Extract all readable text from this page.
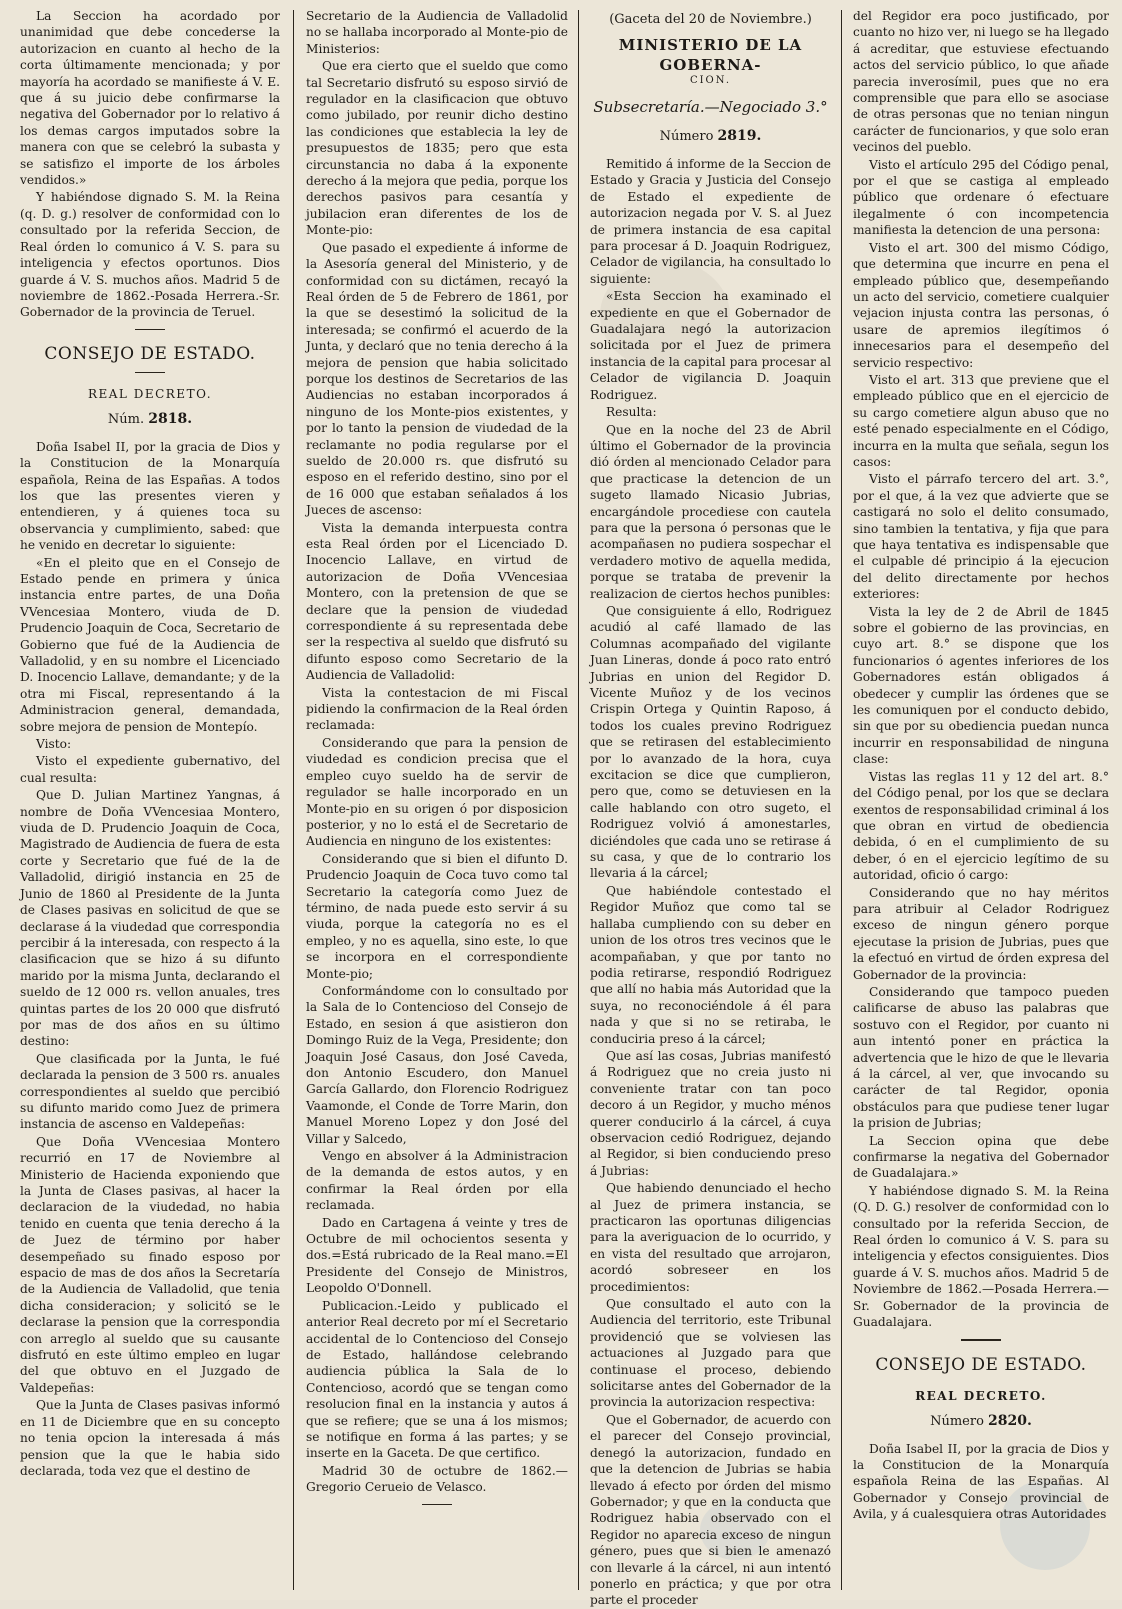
La Seccion ha acordado por unanimidad que debe concederse la autorizacion en cuanto al hecho de la corta últimamente mencionada; y por mayoría ha acordado se manifieste á V. E. que á su juicio debe confirmarse la negativa del Gobernador por lo relativo á los demas cargos imputados sobre la manera con que se celebró la subasta y se satisfizo el importe de los árboles vendidos.»

Y habiéndose dignado S. M. la Reina (q. D. g.) resolver de conformidad con lo consultado por la referida Seccion, de Real órden lo comunico á V. S. para su inteligencia y efectos oportunos. Dios guarde á V. S. muchos años. Madrid 5 de noviembre de 1862.-Posada Herrera.-Sr. Gobernador de la provincia de Teruel.

CONSEJO DE ESTADO.
REAL DECRETO.
Núm. 2818.

Doña Isabel II, por la gracia de Dios y la Constitucion de la Monarquía española, Reina de las Españas. A todos los que las presentes vieren y entendieren, y á quienes toca su observancia y cumplimiento, sabed: que he venido en decretar lo siguiente:

«En el pleito que en el Consejo de Estado pende en primera y única instancia entre partes, de una Doña VVencesiaa Montero, viuda de D. Prudencio Joaquin de Coca, Secretario de Gobierno que fué de la Audiencia de Valladolid, y en su nombre el Licenciado D. Inocencio Lallave, demandante; y de la otra mi Fiscal, representando á la Administracion general, demandada, sobre mejora de pension de Montepío.

Visto:

Visto el expediente gubernativo, del cual resulta:

Que D. Julian Martinez Yangnas, á nombre de Doña VVencesiaa Montero, viuda de D. Prudencio Joaquin de Coca, Magistrado de Audiencia de fuera de esta corte y Secretario que fué de la de Valladolid, dirigió instancia en 25 de Junio de 1860 al Presidente de la Junta de Clases pasivas en solicitud de que se declarase á la viudedad que correspondia percibir á la interesada, con respecto á la clasificacion que se hizo á su difunto marido por la misma Junta, declarando el sueldo de 12 000 rs. vellon anuales, tres quintas partes de los 20 000 que disfrutó por mas de dos años en su último destino:

Que clasificada por la Junta, le fué declarada la pension de 3 500 rs. anuales correspondientes al sueldo que percibió su difunto marido como Juez de primera instancia de ascenso en Valdepeñas:

Que Doña VVencesiaa Montero recurrió en 17 de Noviembre al Ministerio de Hacienda exponiendo que la Junta de Clases pasivas, al hacer la declaracion de la viudedad, no habia tenido en cuenta que tenia derecho á la de Juez de término por haber desempeñado su finado esposo por espacio de mas de dos años la Secretaría de la Audiencia de Valladolid, que tenia dicha consideracion; y solicitó se le declarase la pension que la correspondia con arreglo al sueldo que su causante disfrutó en este último empleo en lugar del que obtuvo en el Juzgado de Valdepeñas:

Que la Junta de Clases pasivas informó en 11 de Diciembre que en su concepto no tenia opcion la interesada á más pension que la que le habia sido declarada, toda vez que el destino de

Secretario de la Audiencia de Valladolid no se hallaba incorporado al Monte-pio de Ministerios:

Que era cierto que el sueldo que como tal Secretario disfrutó su esposo sirvió de regulador en la clasificacion que obtuvo como jubilado, por reunir dicho destino las condiciones que establecia la ley de presupuestos de 1835; pero que esta circunstancia no daba á la exponente derecho á la mejora que pedia, porque los derechos pasivos para cesantía y jubilacion eran diferentes de los de Monte-pio:

Que pasado el expediente á informe de la Asesoría general del Ministerio, y de conformidad con su dictámen, recayó la Real órden de 5 de Febrero de 1861, por la que se desestimó la solicitud de la interesada; se confirmó el acuerdo de la Junta, y declaró que no tenia derecho á la mejora de pension que habia solicitado porque los destinos de Secretarios de las Audiencias no estaban incorporados á ninguno de los Monte-pios existentes, y por lo tanto la pension de viudedad de la reclamante no podia regularse por el sueldo de 20.000 rs. que disfrutó su esposo en el referido destino, sino por el de 16 000 que estaban señalados á los Jueces de ascenso:

Vista la demanda interpuesta contra esta Real órden por el Licenciado D. Inocencio Lallave, en virtud de autorizacion de Doña VVencesiaa Montero, con la pretension de que se declare que la pension de viudedad correspondiente á su representada debe ser la respectiva al sueldo que disfrutó su difunto esposo como Secretario de la Audiencia de Valladolid:

Vista la contestacion de mi Fiscal pidiendo la confirmacion de la Real órden reclamada:

Considerando que para la pension de viudedad es condicion precisa que el empleo cuyo sueldo ha de servir de regulador se halle incorporado en un Monte-pio en su origen ó por disposicion posterior, y no lo está el de Secretario de Audiencia en ninguno de los existentes:

Considerando que si bien el difunto D. Prudencio Joaquin de Coca tuvo como tal Secretario la categoría como Juez de término, de nada puede esto servir á su viuda, porque la categoría no es el empleo, y no es aquella, sino este, lo que se incorpora en el correspondiente Monte-pio;

Conformándome con lo consultado por la Sala de lo Contencioso del Consejo de Estado, en sesion á que asistieron don Domingo Ruiz de la Vega, Presidente; don Joaquin José Casaus, don José Caveda, don Antonio Escudero, don Manuel García Gallardo, don Florencio Rodriguez Vaamonde, el Conde de Torre Marin, don Manuel Moreno Lopez y don José del Villar y Salcedo,

Vengo en absolver á la Administracion de la demanda de estos autos, y en confirmar la Real órden por ella reclamada.

Dado en Cartagena á veinte y tres de Octubre de mil ochocientos sesenta y dos.=Está rubricado de la Real mano.=El Presidente del Consejo de Ministros, Leopoldo O'Donnell.

Publicacion.-Leido y publicado el anterior Real decreto por mí el Secretario accidental de lo Contencioso del Consejo de Estado, hallándose celebrando audiencia pública la Sala de lo Contencioso, acordó que se tengan como resolucion final en la instancia y autos á que se refiere; que se una á los mismos; se notifique en forma á las partes; y se inserte en la Gaceta. De que certifico.

Madrid 30 de octubre de 1862.—Gregorio Cerueio de Velasco.

(Gaceta del 20 de Noviembre.)
MINISTERIO DE LA GOBERNA-
CION.
Subsecretaría.—Negociado 3.°
Número 2819.

Remitido á informe de la Seccion de Estado y Gracia y Justicia del Consejo de Estado el expediente de autorizacion negada por V. S. al Juez de primera instancia de esa capital para procesar á D. Joaquin Rodriguez, Celador de vigilancia, ha consultado lo siguiente:

«Esta Seccion ha examinado el expediente en que el Gobernador de Guadalajara negó la autorizacion solicitada por el Juez de primera instancia de la capital para procesar al Celador de vigilancia D. Joaquin Rodriguez.

Resulta:

Que en la noche del 23 de Abril último el Gobernador de la provincia dió órden al mencionado Celador para que practicase la detencion de un sugeto llamado Nicasio Jubrias, encargándole procediese con cautela para que la persona ó personas que le acompañasen no pudiera sospechar el verdadero motivo de aquella medida, porque se trataba de prevenir la realizacion de ciertos hechos punibles:

Que consiguiente á ello, Rodriguez acudió al café llamado de las Columnas acompañado del vigilante Juan Lineras, donde á poco rato entró Jubrias en union del Regidor D. Vicente Muñoz y de los vecinos Crispin Ortega y Quintin Raposo, á todos los cuales previno Rodriguez que se retirasen del establecimiento por lo avanzado de la hora, cuya excitacion se dice que cumplieron, pero que, como se detuviesen en la calle hablando con otro sugeto, el Rodriguez volvió á amonestarles, diciéndoles que cada uno se retirase á su casa, y que de lo contrario los llevaria á la cárcel;

Que habiéndole contestado el Regidor Muñoz que como tal se hallaba cumpliendo con su deber en union de los otros tres vecinos que le acompañaban, y que por tanto no podia retirarse, respondió Rodriguez que allí no habia más Autoridad que la suya, no reconociéndole á él para nada y que si no se retiraba, le conduciria preso á la cárcel;

Que así las cosas, Jubrias manifestó á Rodriguez que no creia justo ni conveniente tratar con tan poco decoro á un Regidor, y mucho ménos querer conducirlo á la cárcel, á cuya observacion cedió Rodriguez, dejando al Regidor, si bien conduciendo preso á Jubrias:

Que habiendo denunciado el hecho al Juez de primera instancia, se practicaron las oportunas diligencias para la averiguacion de lo ocurrido, y en vista del resultado que arrojaron, acordó sobreseer en los procedimientos:

Que consultado el auto con la Audiencia del territorio, este Tribunal providenció que se volviesen las actuaciones al Juzgado para que continuase el proceso, debiendo solicitarse antes del Gobernador de la provincia la autorizacion respectiva:

Que el Gobernador, de acuerdo con el parecer del Consejo provincial, denegó la autorizacion, fundado en que la detencion de Jubrias se habia llevado á efecto por órden del mismo Gobernador; y que en la conducta que Rodriguez habia observado con el Regidor no aparecia exceso de ningun género, pues que si bien le amenazó con llevarle á la cárcel, ni aun intentó ponerlo en práctica; y que por otra parte el proceder

del Regidor era poco justificado, por cuanto no hizo ver, ni luego se ha llegado á acreditar, que estuviese efectuando actos del servicio público, lo que añade parecia inverosímil, pues que no era comprensible que para ello se asociase de otras personas que no tenian ningun carácter de funcionarios, y que solo eran vecinos del pueblo.

Visto el artículo 295 del Código penal, por el que se castiga al empleado público que ordenare ó efectuare ilegalmente ó con incompetencia manifiesta la detencion de una persona:

Visto el art. 300 del mismo Código, que determina que incurre en pena el empleado público que, desempeñando un acto del servicio, cometiere cualquier vejacion injusta contra las personas, ó usare de apremios ilegítimos ó innecesarios para el desempeño del servicio respectivo:

Visto el art. 313 que previene que el empleado público que en el ejercicio de su cargo cometiere algun abuso que no esté penado especialmente en el Código, incurra en la multa que señala, segun los casos:

Visto el párrafo tercero del art. 3.°, por el que, á la vez que advierte que se castigará no solo el delito consumado, sino tambien la tentativa, y fija que para que haya tentativa es indispensable que el culpable dé principio á la ejecucion del delito directamente por hechos exteriores:

Vista la ley de 2 de Abril de 1845 sobre el gobierno de las provincias, en cuyo art. 8.° se dispone que los funcionarios ó agentes inferiores de los Gobernadores están obligados á obedecer y cumplir las órdenes que se les comuniquen por el conducto debido, sin que por su obediencia puedan nunca incurrir en responsabilidad de ninguna clase:

Vistas las reglas 11 y 12 del art. 8.° del Código penal, por los que se declara exentos de responsabilidad criminal á los que obran en virtud de obediencia debida, ó en el cumplimiento de su deber, ó en el ejercicio legítimo de su autoridad, oficio ó cargo:

Considerando que no hay méritos para atribuir al Celador Rodriguez exceso de ningun género porque ejecutase la prision de Jubrias, pues que la efectuó en virtud de órden expresa del Gobernador de la provincia:

Considerando que tampoco pueden calificarse de abuso las palabras que sostuvo con el Regidor, por cuanto ni aun intentó poner en práctica la advertencia que le hizo de que le llevaria á la cárcel, al ver, que invocando su carácter de tal Regidor, oponia obstáculos para que pudiese tener lugar la prision de Jubrias;

La Seccion opina que debe confirmarse la negativa del Gobernador de Guadalajara.»

Y habiéndose dignado S. M. la Reina (Q. D. G.) resolver de conformidad con lo consultado por la referida Seccion, de Real órden lo comunico á V. S. para su inteligencia y efectos consiguientes. Dios guarde á V. S. muchos años. Madrid 5 de Noviembre de 1862.—Posada Herrera.—Sr. Gobernador de la provincia de Guadalajara.

CONSEJO DE ESTADO.
REAL DECRETO.
Número 2820.

Doña Isabel II, por la gracia de Dios y la Constitucion de la Monarquía española Reina de las Españas. Al Gobernador y Consejo provincial de Avila, y á cualesquiera otras Autoridades
